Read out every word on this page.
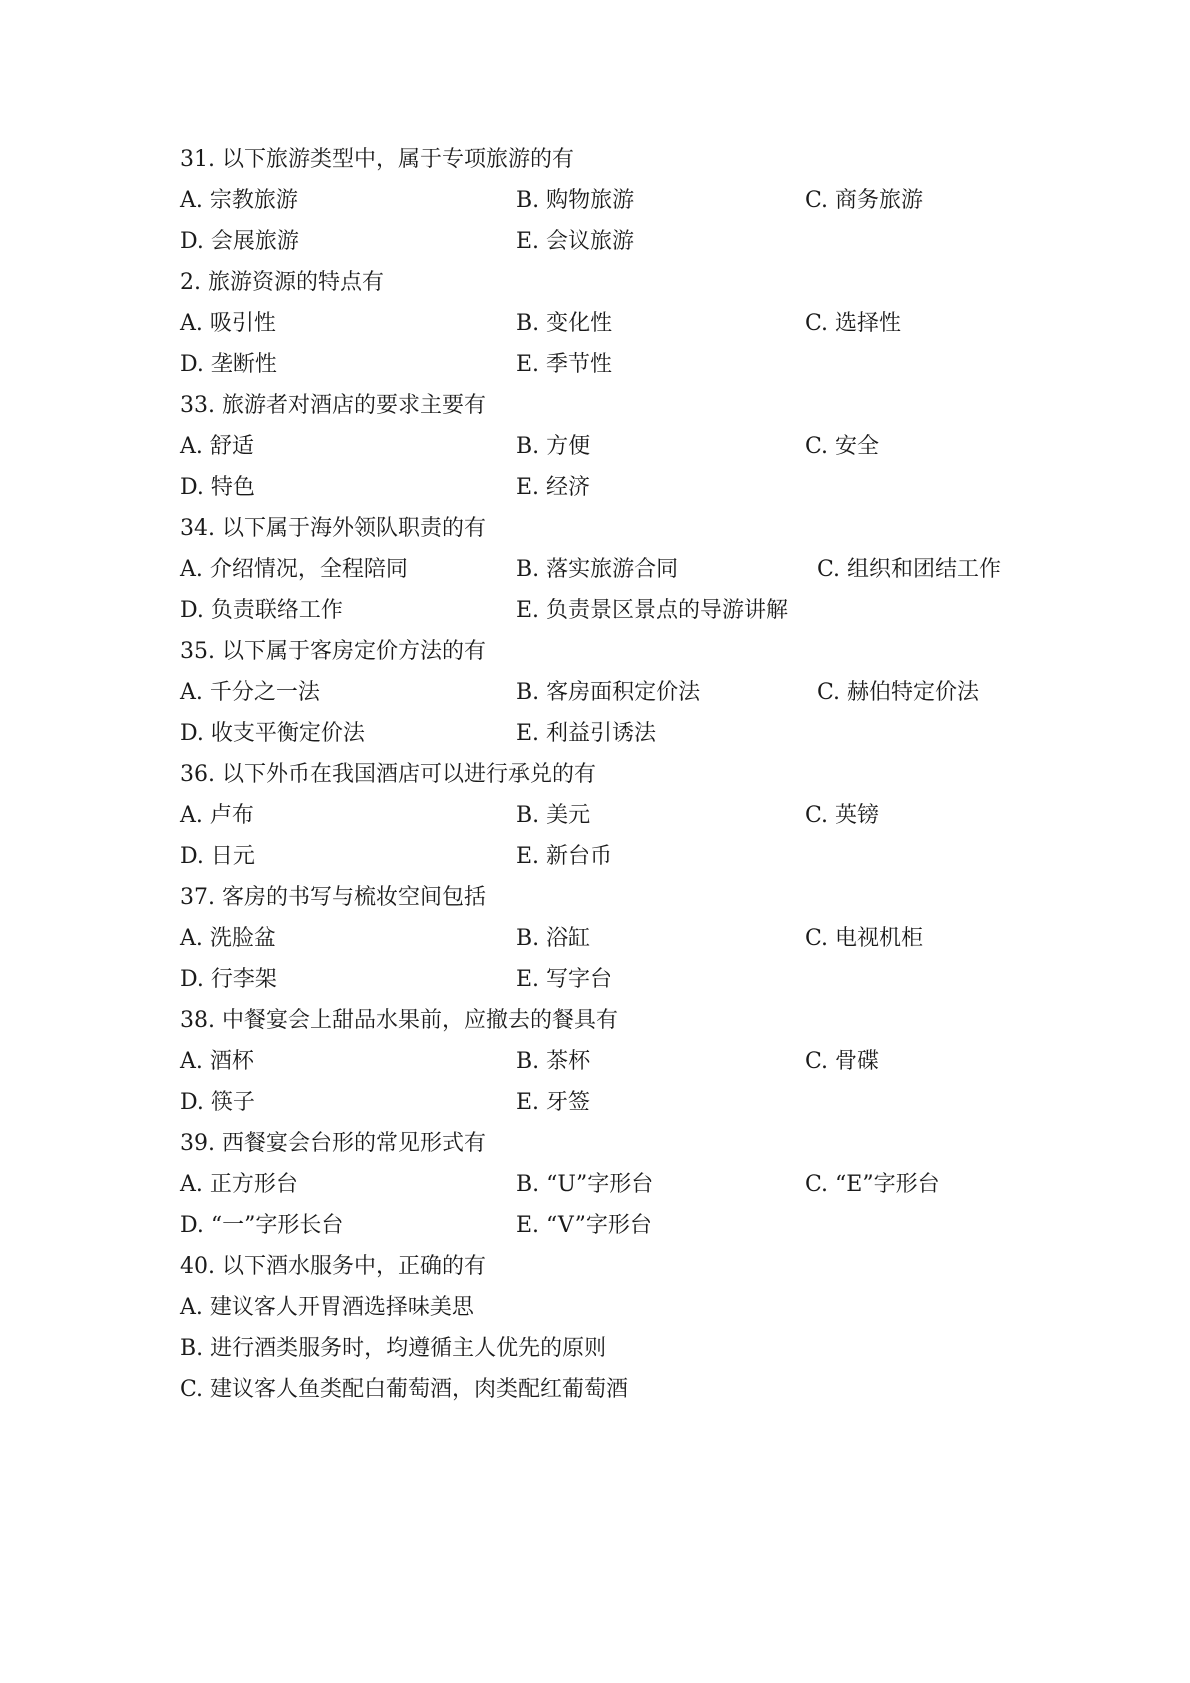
31. 以下旅游类型中，属于专项旅游的有
A. 宗教旅游	B. 购物旅游	C. 商务旅游
D. 会展旅游	E. 会议旅游
2. 旅游资源的特点有
A. 吸引性	B. 变化性	C. 选择性
D. 垄断性	E. 季节性
33. 旅游者对酒店的要求主要有
A. 舒适	B. 方便	C. 安全
D. 特色	E. 经济
34. 以下属于海外领队职责的有
A. 介绍情况，全程陪同	B. 落实旅游合同	C. 组织和团结工作
D. 负责联络工作	E. 负责景区景点的导游讲解
35. 以下属于客房定价方法的有
A. 千分之一法	B. 客房面积定价法	C. 赫伯特定价法
D. 收支平衡定价法	E. 利益引诱法
36. 以下外币在我国酒店可以进行承兑的有
A. 卢布	B. 美元	C. 英镑
D. 日元	E. 新台币
37. 客房的书写与梳妆空间包括
A. 洗脸盆	B. 浴缸	C. 电视机柜
D. 行李架	E. 写字台
38. 中餐宴会上甜品水果前，应撤去的餐具有
A. 酒杯	B. 茶杯	C. 骨碟
D. 筷子	E. 牙签
39. 西餐宴会台形的常见形式有
A. 正方形台	B. “U”字形台	C. “E”字形台
D. “一”字形长台	E. “V”字形台
40. 以下酒水服务中，正确的有
A. 建议客人开胃酒选择味美思
B. 进行酒类服务时，均遵循主人优先的原则
C. 建议客人鱼类配白葡萄酒，肉类配红葡萄酒
